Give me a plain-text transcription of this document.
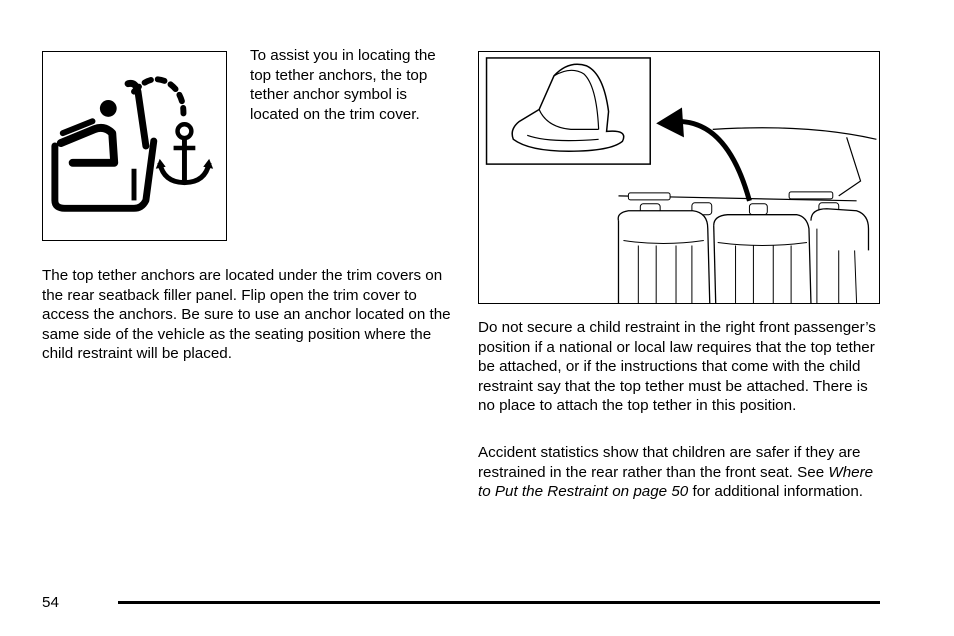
To assist you in locating the top tether anchors, the top tether anchor symbol is located on the trim cover.

The top tether anchors are located under the trim covers on the rear seatback filler panel. Flip open the trim cover to access the anchors. Be sure to use an anchor located on the same side of the vehicle as the seating position where the child restraint will be placed.

Do not secure a child restraint in the right front passenger’s position if a national or local law requires that the top tether be attached, or if the instructions that come with the child restraint say that the top tether must be attached. There is no place to attach the top tether in this position.

Accident statistics show that children are safer if they are restrained in the rear rather than the front seat. See Where to Put the Restraint on page 50 for additional information.

54
